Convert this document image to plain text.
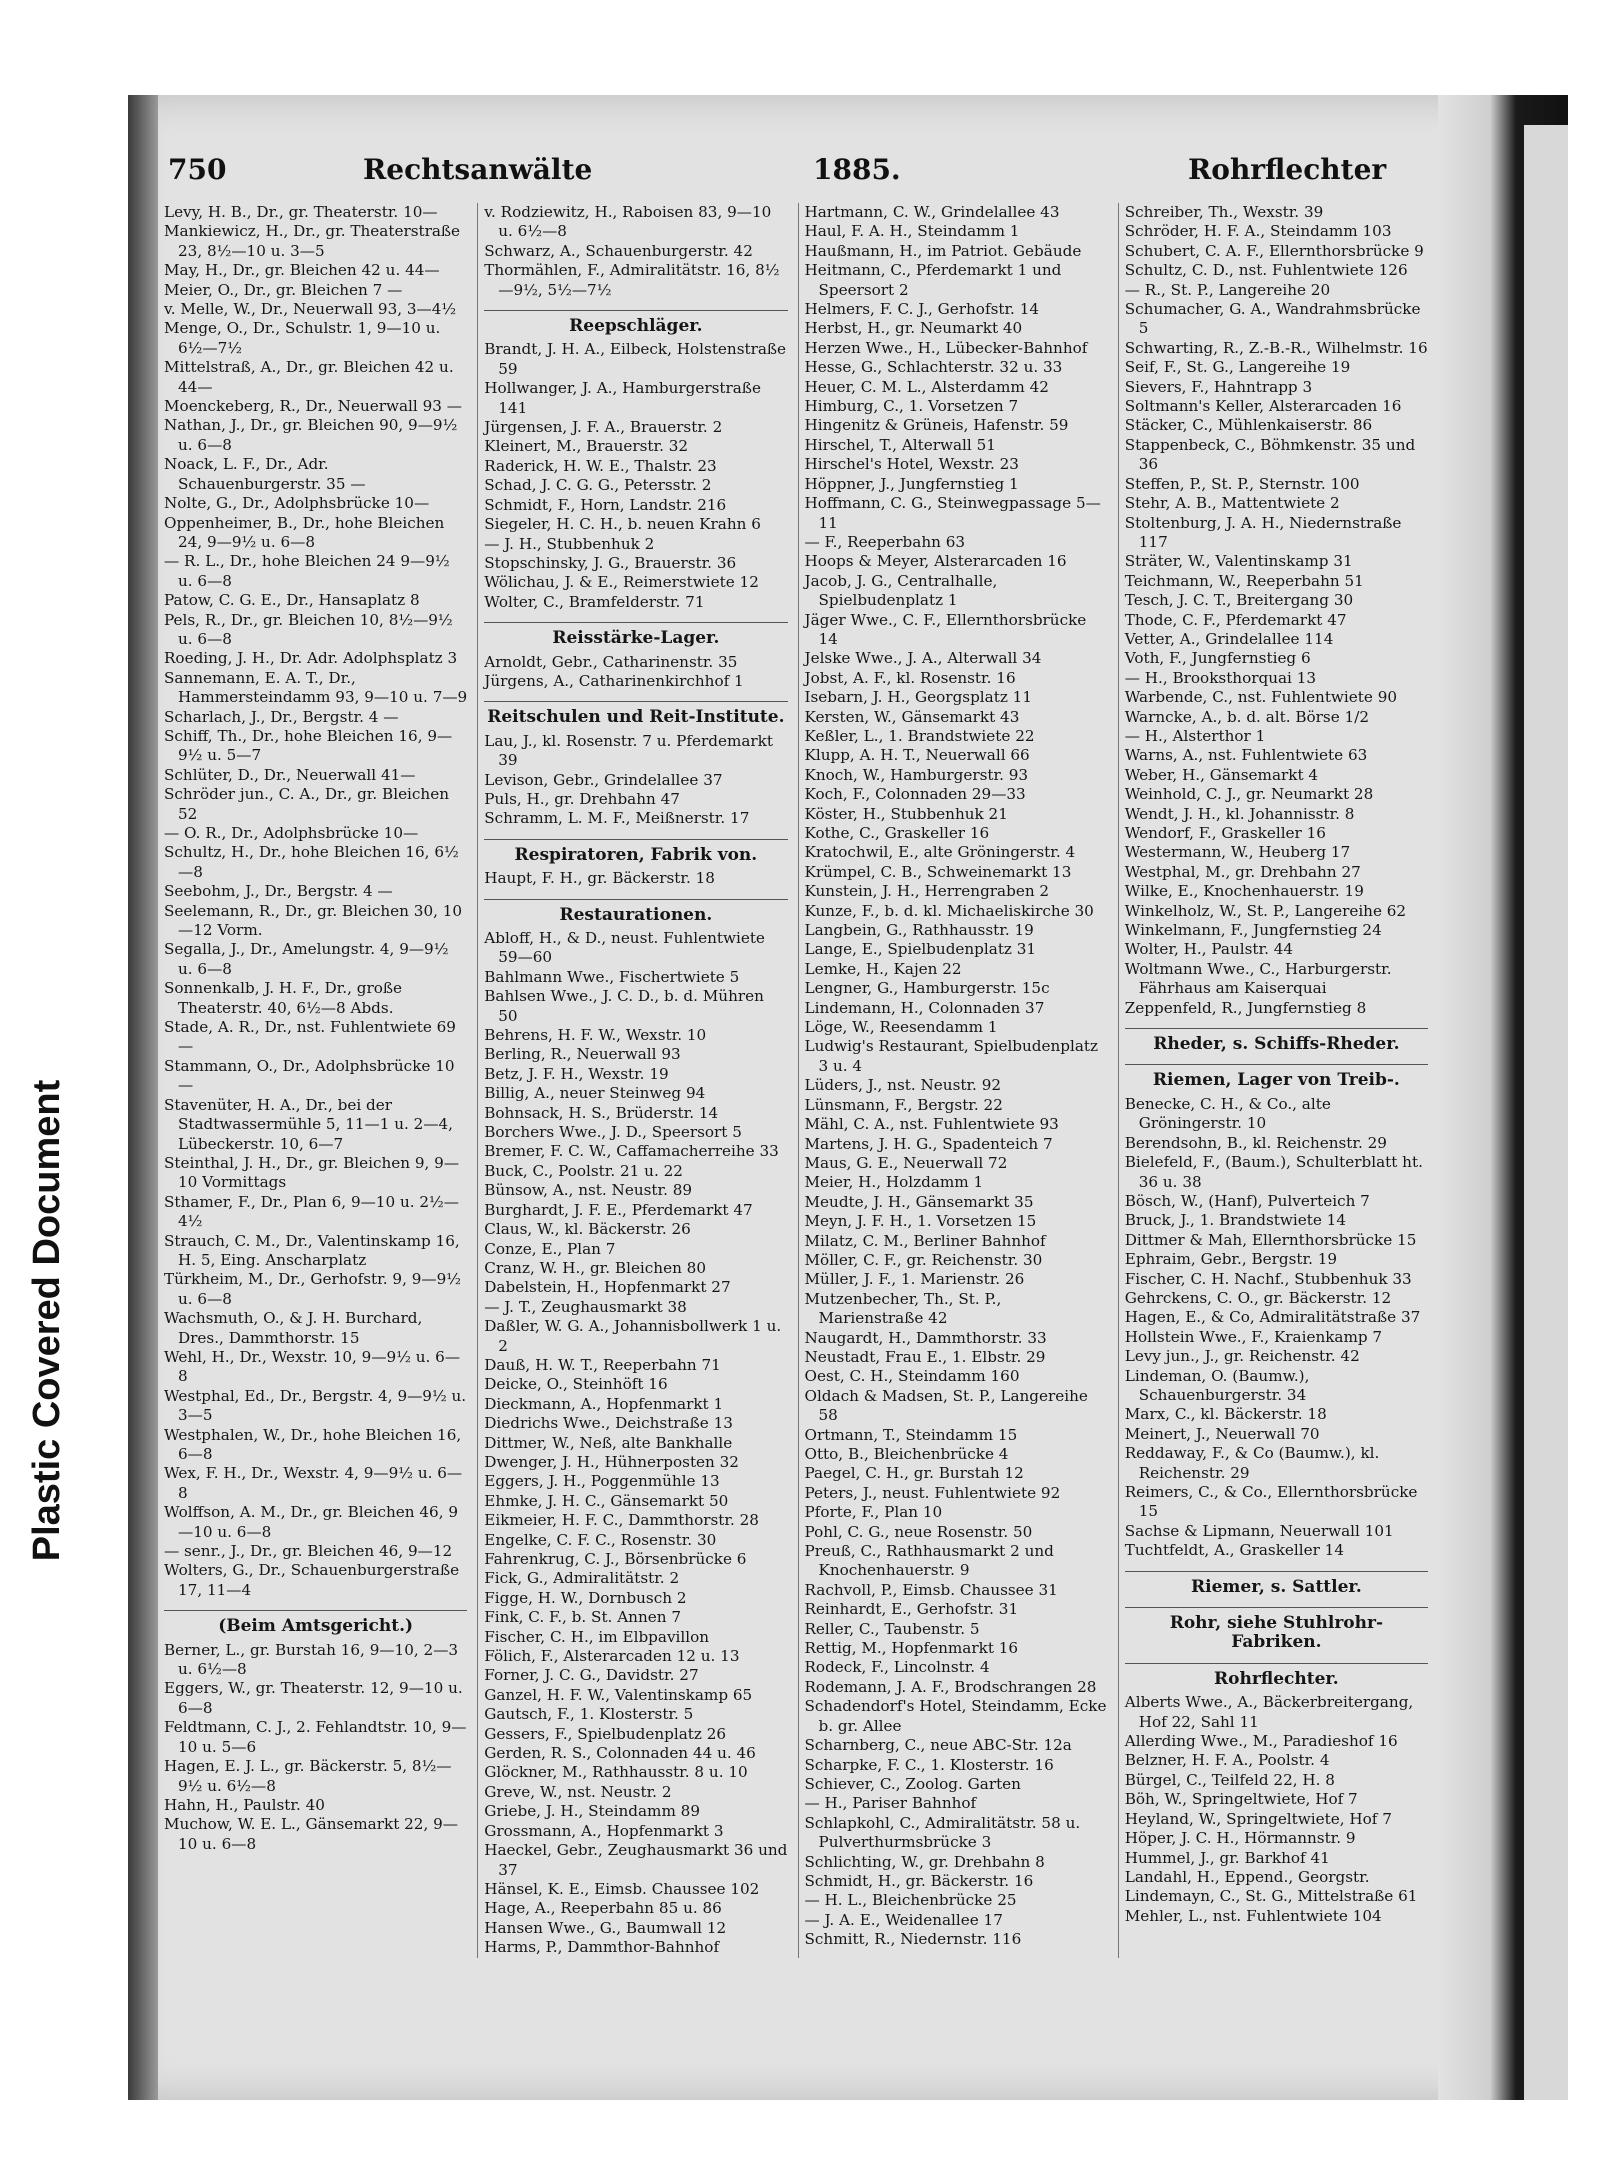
Plastic Covered Document
750	Rechtsanwälte	1885.	Rohrflechter

Levy, H. B., Dr., gr. Theaterstr. 10—

Mankiewicz, H., Dr., gr. Theaterstraße 23, 8½—10 u. 3—5

May, H., Dr., gr. Bleichen 42 u. 44—

Meier, O., Dr., gr. Bleichen 7 —

v. Melle, W., Dr., Neuerwall 93, 3—4½

Menge, O., Dr., Schulstr. 1, 9—10 u. 6½—7½

Mittelstraß, A., Dr., gr. Bleichen 42 u. 44—

Moenckeberg, R., Dr., Neuerwall 93 —

Nathan, J., Dr., gr. Bleichen 90, 9—9½ u. 6—8

Noack, L. F., Dr., Adr. Schauenburgerstr. 35 —

Nolte, G., Dr., Adolphsbrücke 10—

Oppenheimer, B., Dr., hohe Bleichen 24, 9—9½ u. 6—8

— R. L., Dr., hohe Bleichen 24 9—9½ u. 6—8

Patow, C. G. E., Dr., Hansaplatz 8

Pels, R., Dr., gr. Bleichen 10, 8½—9½ u. 6—8

Roeding, J. H., Dr. Adr. Adolphsplatz 3

Sannemann, E. A. T., Dr., Hammersteindamm 93, 9—10 u. 7—9

Scharlach, J., Dr., Bergstr. 4 —

Schiff, Th., Dr., hohe Bleichen 16, 9—9½ u. 5—7

Schlüter, D., Dr., Neuerwall 41—

Schröder jun., C. A., Dr., gr. Bleichen 52

— O. R., Dr., Adolphsbrücke 10—

Schultz, H., Dr., hohe Bleichen 16, 6½—8

Seebohm, J., Dr., Bergstr. 4 —

Seelemann, R., Dr., gr. Bleichen 30, 10—12 Vorm.

Segalla, J., Dr., Amelungstr. 4, 9—9½ u. 6—8

Sonnenkalb, J. H. F., Dr., große Theaterstr. 40, 6½—8 Abds.

Stade, A. R., Dr., nst. Fuhlentwiete 69 —

Stammann, O., Dr., Adolphsbrücke 10 —

Stavenüter, H. A., Dr., bei der Stadtwassermühle 5, 11—1 u. 2—4, Lübeckerstr. 10, 6—7

Steinthal, J. H., Dr., gr. Bleichen 9, 9—10 Vormittags

Sthamer, F., Dr., Plan 6, 9—10 u. 2½—4½

Strauch, C. M., Dr., Valentinskamp 16, H. 5, Eing. Anscharplatz

Türkheim, M., Dr., Gerhofstr. 9, 9—9½ u. 6—8

Wachsmuth, O., & J. H. Burchard, Dres., Dammthorstr. 15

Wehl, H., Dr., Wexstr. 10, 9—9½ u. 6—8

Westphal, Ed., Dr., Bergstr. 4, 9—9½ u. 3—5

Westphalen, W., Dr., hohe Bleichen 16, 6—8

Wex, F. H., Dr., Wexstr. 4, 9—9½ u. 6—8

Wolffson, A. M., Dr., gr. Bleichen 46, 9—10 u. 6—8

— senr., J., Dr., gr. Bleichen 46, 9—12

Wolters, G., Dr., Schauenburgerstraße 17, 11—4

(Beim Amtsgericht.)

Berner, L., gr. Burstah 16, 9—10, 2—3 u. 6½—8

Eggers, W., gr. Theaterstr. 12, 9—10 u. 6—8

Feldtmann, C. J., 2. Fehlandtstr. 10, 9—10 u. 5—6

Hagen, E. J. L., gr. Bäckerstr. 5, 8½—9½ u. 6½—8

Hahn, H., Paulstr. 40

Muchow, W. E. L., Gänsemarkt 22, 9—10 u. 6—8

v. Rodziewitz, H., Raboisen 83, 9—10 u. 6½—8

Schwarz, A., Schauenburgerstr. 42

Thormählen, F., Admiralitätstr. 16, 8½—9½, 5½—7½

Reepschläger.

Brandt, J. H. A., Eilbeck, Holstenstraße 59

Hollwanger, J. A., Hamburgerstraße 141

Jürgensen, J. F. A., Brauerstr. 2

Kleinert, M., Brauerstr. 32

Raderick, H. W. E., Thalstr. 23

Schad, J. C. G. G., Petersstr. 2

Schmidt, F., Horn, Landstr. 216

Siegeler, H. C. H., b. neuen Krahn 6

— J. H., Stubbenhuk 2

Stopschinsky, J. G., Brauerstr. 36

Wölichau, J. & E., Reimerstwiete 12

Wolter, C., Bramfelderstr. 71

Reisstärke-Lager.

Arnoldt, Gebr., Catharinenstr. 35

Jürgens, A., Catharinenkirchhof 1

Reitschulen und Reit-Institute.

Lau, J., kl. Rosenstr. 7 u. Pferdemarkt 39

Levison, Gebr., Grindelallee 37

Puls, H., gr. Drehbahn 47

Schramm, L. M. F., Meißnerstr. 17

Respiratoren, Fabrik von.

Haupt, F. H., gr. Bäckerstr. 18

Restaurationen.

Abloff, H., & D., neust. Fuhlentwiete 59—60

Bahlmann Wwe., Fischertwiete 5

Bahlsen Wwe., J. C. D., b. d. Mühren 50

Behrens, H. F. W., Wexstr. 10

Berling, R., Neuerwall 93

Betz, J. F. H., Wexstr. 19

Billig, A., neuer Steinweg 94

Bohnsack, H. S., Brüderstr. 14

Borchers Wwe., J. D., Speersort 5

Bremer, F. C. W., Caffamacherreihe 33

Buck, C., Poolstr. 21 u. 22

Bünsow, A., nst. Neustr. 89

Burghardt, J. F. E., Pferdemarkt 47

Claus, W., kl. Bäckerstr. 26

Conze, E., Plan 7

Cranz, W. H., gr. Bleichen 80

Dabelstein, H., Hopfenmarkt 27

— J. T., Zeughausmarkt 38

Daßler, W. G. A., Johannisbollwerk 1 u. 2

Dauß, H. W. T., Reeperbahn 71

Deicke, O., Steinhöft 16

Dieckmann, A., Hopfenmarkt 1

Diedrichs Wwe., Deichstraße 13

Dittmer, W., Neß, alte Bankhalle

Dwenger, J. H., Hühnerposten 32

Eggers, J. H., Poggenmühle 13

Ehmke, J. H. C., Gänsemarkt 50

Eikmeier, H. F. C., Dammthorstr. 28

Engelke, C. F. C., Rosenstr. 30

Fahrenkrug, C. J., Börsenbrücke 6

Fick, G., Admiralitätstr. 2

Figge, H. W., Dornbusch 2

Fink, C. F., b. St. Annen 7

Fischer, C. H., im Elbpavillon

Fölich, F., Alsterarcaden 12 u. 13

Forner, J. C. G., Davidstr. 27

Ganzel, H. F. W., Valentinskamp 65

Gautsch, F., 1. Klosterstr. 5

Gessers, F., Spielbudenplatz 26

Gerden, R. S., Colonnaden 44 u. 46

Glöckner, M., Rathhausstr. 8 u. 10

Greve, W., nst. Neustr. 2

Griebe, J. H., Steindamm 89

Grossmann, A., Hopfenmarkt 3

Haeckel, Gebr., Zeughausmarkt 36 und 37

Hänsel, K. E., Eimsb. Chaussee 102

Hage, A., Reeperbahn 85 u. 86

Hansen Wwe., G., Baumwall 12

Harms, P., Dammthor-Bahnhof

Hartmann, C. W., Grindelallee 43

Haul, F. A. H., Steindamm 1

Haußmann, H., im Patriot. Gebäude

Heitmann, C., Pferdemarkt 1 und Speersort 2

Helmers, F. C. J., Gerhofstr. 14

Herbst, H., gr. Neumarkt 40

Herzen Wwe., H., Lübecker-Bahnhof

Hesse, G., Schlachterstr. 32 u. 33

Heuer, C. M. L., Alsterdamm 42

Himburg, C., 1. Vorsetzen 7

Hingenitz & Grüneis, Hafenstr. 59

Hirschel, T., Alterwall 51

Hirschel's Hotel, Wexstr. 23

Höppner, J., Jungfernstieg 1

Hoffmann, C. G., Steinwegpassage 5—11

— F., Reeperbahn 63

Hoops & Meyer, Alsterarcaden 16

Jacob, J. G., Centralhalle, Spielbudenplatz 1

Jäger Wwe., C. F., Ellernthorsbrücke 14

Jelske Wwe., J. A., Alterwall 34

Jobst, A. F., kl. Rosenstr. 16

Isebarn, J. H., Georgsplatz 11

Kersten, W., Gänsemarkt 43

Keßler, L., 1. Brandstwiete 22

Klupp, A. H. T., Neuerwall 66

Knoch, W., Hamburgerstr. 93

Koch, F., Colonnaden 29—33

Köster, H., Stubbenhuk 21

Kothe, C., Graskeller 16

Kratochwil, E., alte Gröningerstr. 4

Krümpel, C. B., Schweinemarkt 13

Kunstein, J. H., Herrengraben 2

Kunze, F., b. d. kl. Michaeliskirche 30

Langbein, G., Rathhausstr. 19

Lange, E., Spielbudenplatz 31

Lemke, H., Kajen 22

Lengner, G., Hamburgerstr. 15c

Lindemann, H., Colonnaden 37

Löge, W., Reesendamm 1

Ludwig's Restaurant, Spielbudenplatz 3 u. 4

Lüders, J., nst. Neustr. 92

Lünsmann, F., Bergstr. 22

Mähl, C. A., nst. Fuhlentwiete 93

Martens, J. H. G., Spadenteich 7

Maus, G. E., Neuerwall 72

Meier, H., Holzdamm 1

Meudte, J. H., Gänsemarkt 35

Meyn, J. F. H., 1. Vorsetzen 15

Milatz, C. M., Berliner Bahnhof

Möller, C. F., gr. Reichenstr. 30

Müller, J. F., 1. Marienstr. 26

Mutzenbecher, Th., St. P., Marienstraße 42

Naugardt, H., Dammthorstr. 33

Neustadt, Frau E., 1. Elbstr. 29

Oest, C. H., Steindamm 160

Oldach & Madsen, St. P., Langereihe 58

Ortmann, T., Steindamm 15

Otto, B., Bleichenbrücke 4

Paegel, C. H., gr. Burstah 12

Peters, J., neust. Fuhlentwiete 92

Pforte, F., Plan 10

Pohl, C. G., neue Rosenstr. 50

Preuß, C., Rathhausmarkt 2 und Knochenhauerstr. 9

Rachvoll, P., Eimsb. Chaussee 31

Reinhardt, E., Gerhofstr. 31

Reller, C., Taubenstr. 5

Rettig, M., Hopfenmarkt 16

Rodeck, F., Lincolnstr. 4

Rodemann, J. A. F., Brodschrangen 28

Schadendorf's Hotel, Steindamm, Ecke b. gr. Allee

Scharnberg, C., neue ABC-Str. 12a

Scharpke, F. C., 1. Klosterstr. 16

Schiever, C., Zoolog. Garten

— H., Pariser Bahnhof

Schlapkohl, C., Admiralitätstr. 58 u. Pulverthurmsbrücke 3

Schlichting, W., gr. Drehbahn 8

Schmidt, H., gr. Bäckerstr. 16

— H. L., Bleichenbrücke 25

— J. A. E., Weidenallee 17

Schmitt, R., Niedernstr. 116

Schreiber, Th., Wexstr. 39

Schröder, H. F. A., Steindamm 103

Schubert, C. A. F., Ellernthorsbrücke 9

Schultz, C. D., nst. Fuhlentwiete 126

— R., St. P., Langereihe 20

Schumacher, G. A., Wandrahmsbrücke 5

Schwarting, R., Z.-B.-R., Wilhelmstr. 16

Seif, F., St. G., Langereihe 19

Sievers, F., Hahntrapp 3

Soltmann's Keller, Alsterarcaden 16

Stäcker, C., Mühlenkaiserstr. 86

Stappenbeck, C., Böhmkenstr. 35 und 36

Steffen, P., St. P., Sternstr. 100

Stehr, A. B., Mattentwiete 2

Stoltenburg, J. A. H., Niedernstraße 117

Sträter, W., Valentinskamp 31

Teichmann, W., Reeperbahn 51

Tesch, J. C. T., Breitergang 30

Thode, C. F., Pferdemarkt 47

Vetter, A., Grindelallee 114

Voth, F., Jungfernstieg 6

— H., Brooksthorquai 13

Warbende, C., nst. Fuhlentwiete 90

Warncke, A., b. d. alt. Börse 1/2

— H., Alsterthor 1

Warns, A., nst. Fuhlentwiete 63

Weber, H., Gänsemarkt 4

Weinhold, C. J., gr. Neumarkt 28

Wendt, J. H., kl. Johannisstr. 8

Wendorf, F., Graskeller 16

Westermann, W., Heuberg 17

Westphal, M., gr. Drehbahn 27

Wilke, E., Knochenhauerstr. 19

Winkelholz, W., St. P., Langereihe 62

Winkelmann, F., Jungfernstieg 24

Wolter, H., Paulstr. 44

Woltmann Wwe., C., Harburgerstr. Fährhaus am Kaiserquai

Zeppenfeld, R., Jungfernstieg 8

Rheder, s. Schiffs-Rheder.

Riemen, Lager von Treib-.

Benecke, C. H., & Co., alte Gröningerstr. 10

Berendsohn, B., kl. Reichenstr. 29

Bielefeld, F., (Baum.), Schulterblatt ht. 36 u. 38

Bösch, W., (Hanf), Pulverteich 7

Bruck, J., 1. Brandstwiete 14

Dittmer & Mah, Ellernthorsbrücke 15

Ephraim, Gebr., Bergstr. 19

Fischer, C. H. Nachf., Stubbenhuk 33

Gehrckens, C. O., gr. Bäckerstr. 12

Hagen, E., & Co, Admiralitätstraße 37

Hollstein Wwe., F., Kraienkamp 7

Levy jun., J., gr. Reichenstr. 42

Lindeman, O. (Baumw.), Schauenburgerstr. 34

Marx, C., kl. Bäckerstr. 18

Meinert, J., Neuerwall 70

Reddaway, F., & Co (Baumw.), kl. Reichenstr. 29

Reimers, C., & Co., Ellernthorsbrücke 15

Sachse & Lipmann, Neuerwall 101

Tuchtfeldt, A., Graskeller 14

Riemer, s. Sattler.

Rohr, siehe Stuhlrohr-Fabriken.

Rohrflechter.

Alberts Wwe., A., Bäckerbreitergang, Hof 22, Sahl 11

Allerding Wwe., M., Paradieshof 16

Belzner, H. F. A., Poolstr. 4

Bürgel, C., Teilfeld 22, H. 8

Böh, W., Springeltwiete, Hof 7

Heyland, W., Springeltwiete, Hof 7

Höper, J. C. H., Hörmannstr. 9

Hummel, J., gr. Barkhof 41

Landahl, H., Eppend., Georgstr.

Lindemayn, C., St. G., Mittelstraße 61

Mehler, L., nst. Fuhlentwiete 104
